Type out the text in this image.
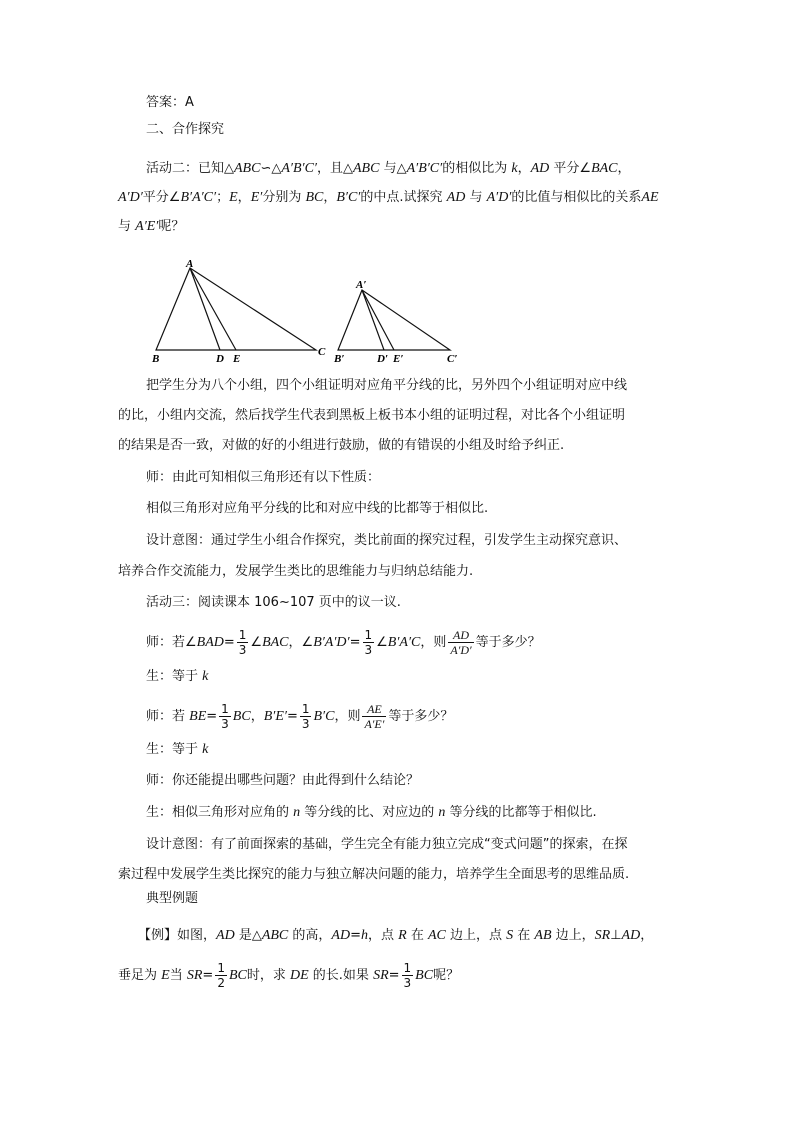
答案：A

二、合作探究

活动二：已知△ABC∽△A′B′C′，且△ABC 与△A′B′C′的相似比为 k，AD 平分∠BAC，

A′D′平分∠B′A′C′；E，E′分别为 BC，B′C′的中点.试探究 AD 与 A′D′的比值与相似比的关系AE

与 A′E′呢？

A
B	D E
C
A′
B′	D′ E′	C′

把学生分为八个小组，四个小组证明对应角平分线的比，另外四个小组证明对应中线

的比，小组内交流，然后找学生代表到黑板上板书本小组的证明过程，对比各个小组证明

的结果是否一致，对做的好的小组进行鼓励，做的有错误的小组及时给予纠正.

师：由此可知相似三角形还有以下性质：

相似三角形对应角平分线的比和对应中线的比都等于相似比.

设计意图：通过学生小组合作探究，类比前面的探究过程，引发学生主动探究意识、

培养合作交流能力，发展学生类比的思维能力与归纳总结能力.

活动三：阅读课本 106~107 页中的议一议.

师：若∠BAD= $\frac{1}{3}$ ∠BAC，∠B′A′D′= $\frac{1}{3}$ ∠B′A′C，则 $\frac{AD}{A'D'}$ 等于多少？

生：等于 k

师：若 $BE= \frac{1}{3}$ BC，$B'E'= \frac{1}{3} B'C$，则 $\frac{AE}{A'E'}$ 等于多少？

生：等于 k

师：你还能提出哪些问题？由此得到什么结论？

生：相似三角形对应角的 n 等分线的比、对应边的 n 等分线的比都等于相似比.

设计意图：有了前面探索的基础，学生完全有能力独立完成“变式问题”的探索，在探

索过程中发展学生类比探究的能力与独立解决问题的能力，培养学生全面思考的思维品质.

典型例题

【例】如图，AD 是△ABC 的高，AD=h，点 R 在 AC 边上，点 S 在 AB 边上，SR⊥AD，

垂足为 E当 $SR= \frac{1}{2}$ BC时，求 DE 的长.如果 $SR= \frac{1}{3}$ BC呢？
